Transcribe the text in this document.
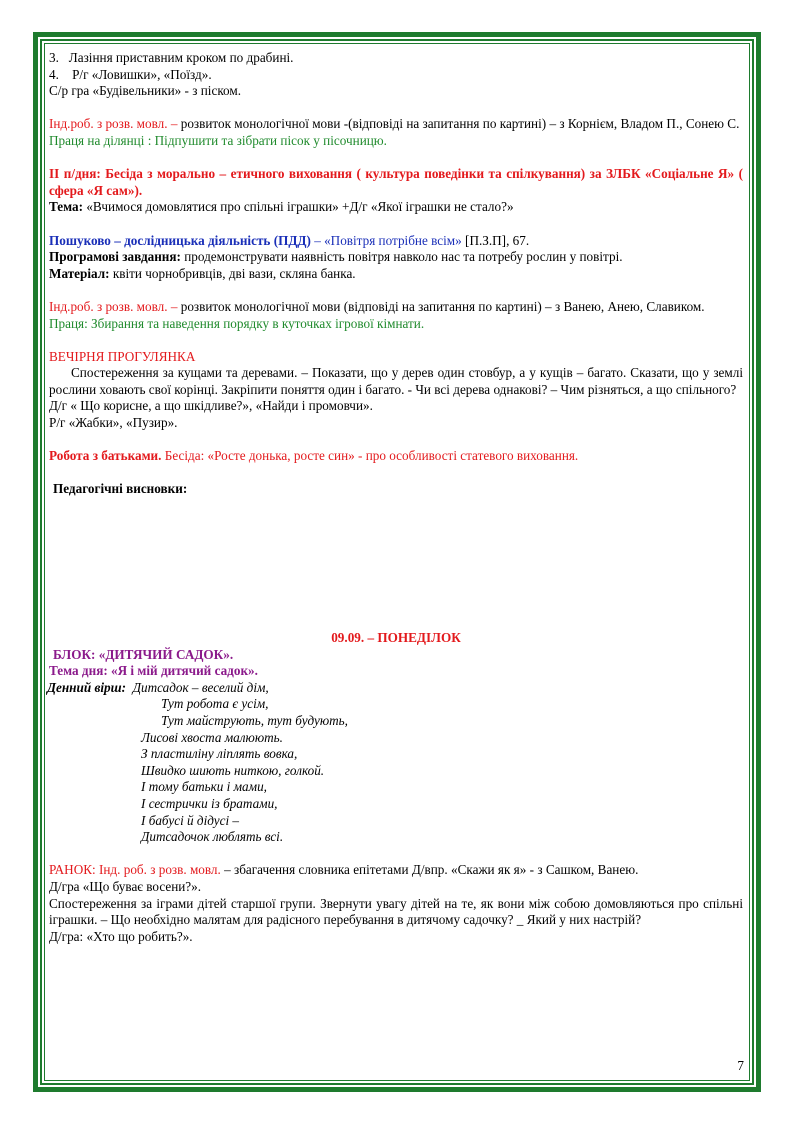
3.   Лазіння приставним кроком по драбині.

4.    Р/г «Ловишки», «Поїзд».

С/р гра «Будівельники» - з піском.

Інд.роб. з розв. мовл. – розвиток монологічної мови -(відповіді на запитання по картині) – з Корнієм, Владом П., Сонею С.

Праця на ділянці : Підпушити та зібрати пісок у пісочницю.

ІІ п/дня: Бесіда з морально – етичного виховання ( культура поведінки та спілкування) за ЗЛБК «Соціальне Я» ( сфера «Я сам»).

Тема: «Вчимося домовлятися про спільні іграшки» +Д/г «Якої іграшки не стало?»

Пошуково – дослідницька діяльність (ПДД) – «Повітря потрібне всім» [П.З.П], 67.

Програмові завдання: продемонструвати наявність повітря навколо нас та потребу рослин у повітрі.

Матеріал: квіти чорнобривців, дві вази, скляна банка.

Інд.роб. з розв. мовл. – розвиток монологічної мови (відповіді на запитання по картині) – з Ванею, Анею, Славиком.

Праця: Збирання та наведення порядку в куточках ігрової кімнати.

ВЕЧІРНЯ ПРОГУЛЯНКА

Спостереження за кущами та деревами. – Показати, що у дерев один стовбур, а у кущів – багато. Сказати, що у землі рослини ховають свої корінці. Закріпити поняття один і багато. - Чи всі дерева однакові? – Чим різняться, а що спільного?

Д/г « Що корисне, а що шкідливе?», «Найди і промовчи».

Р/г «Жабки», «Пузир».

Робота з батьками. Бесіда: «Росте донька, росте син» - про особливості статевого виховання.

Педагогічні висновки:

09.09. – ПОНЕДІЛОК

БЛОК: «ДИТЯЧИЙ САДОК».

Тема дня: «Я і мій дитячий садок».

Денний вірш: Дитсадок – веселий дім,

Тут робота є усім,

Тут майструють, тут будують,

Лисові хвоста малюють.

З пластиліну ліплять вовка,

Швидко шиють ниткою, голкой.

І тому батьки і мами,

І сестрички із братами,

І бабусі й дідусі –

Дитсадочок люблять всі.

РАНОК: Інд. роб. з розв. мовл. – збагачення словника епітетами Д/впр. «Скажи як я» - з Сашком, Ванею.

Д/гра «Що буває восени?».

Спостереження за іграми дітей старшої групи. Звернути увагу дітей на те, як вони між собою домовляються про спільні іграшки. – Що необхідно малятам для радісного перебування в дитячому садочку? _ Який у них настрій?

Д/гра: «Хто що робить?».

7
